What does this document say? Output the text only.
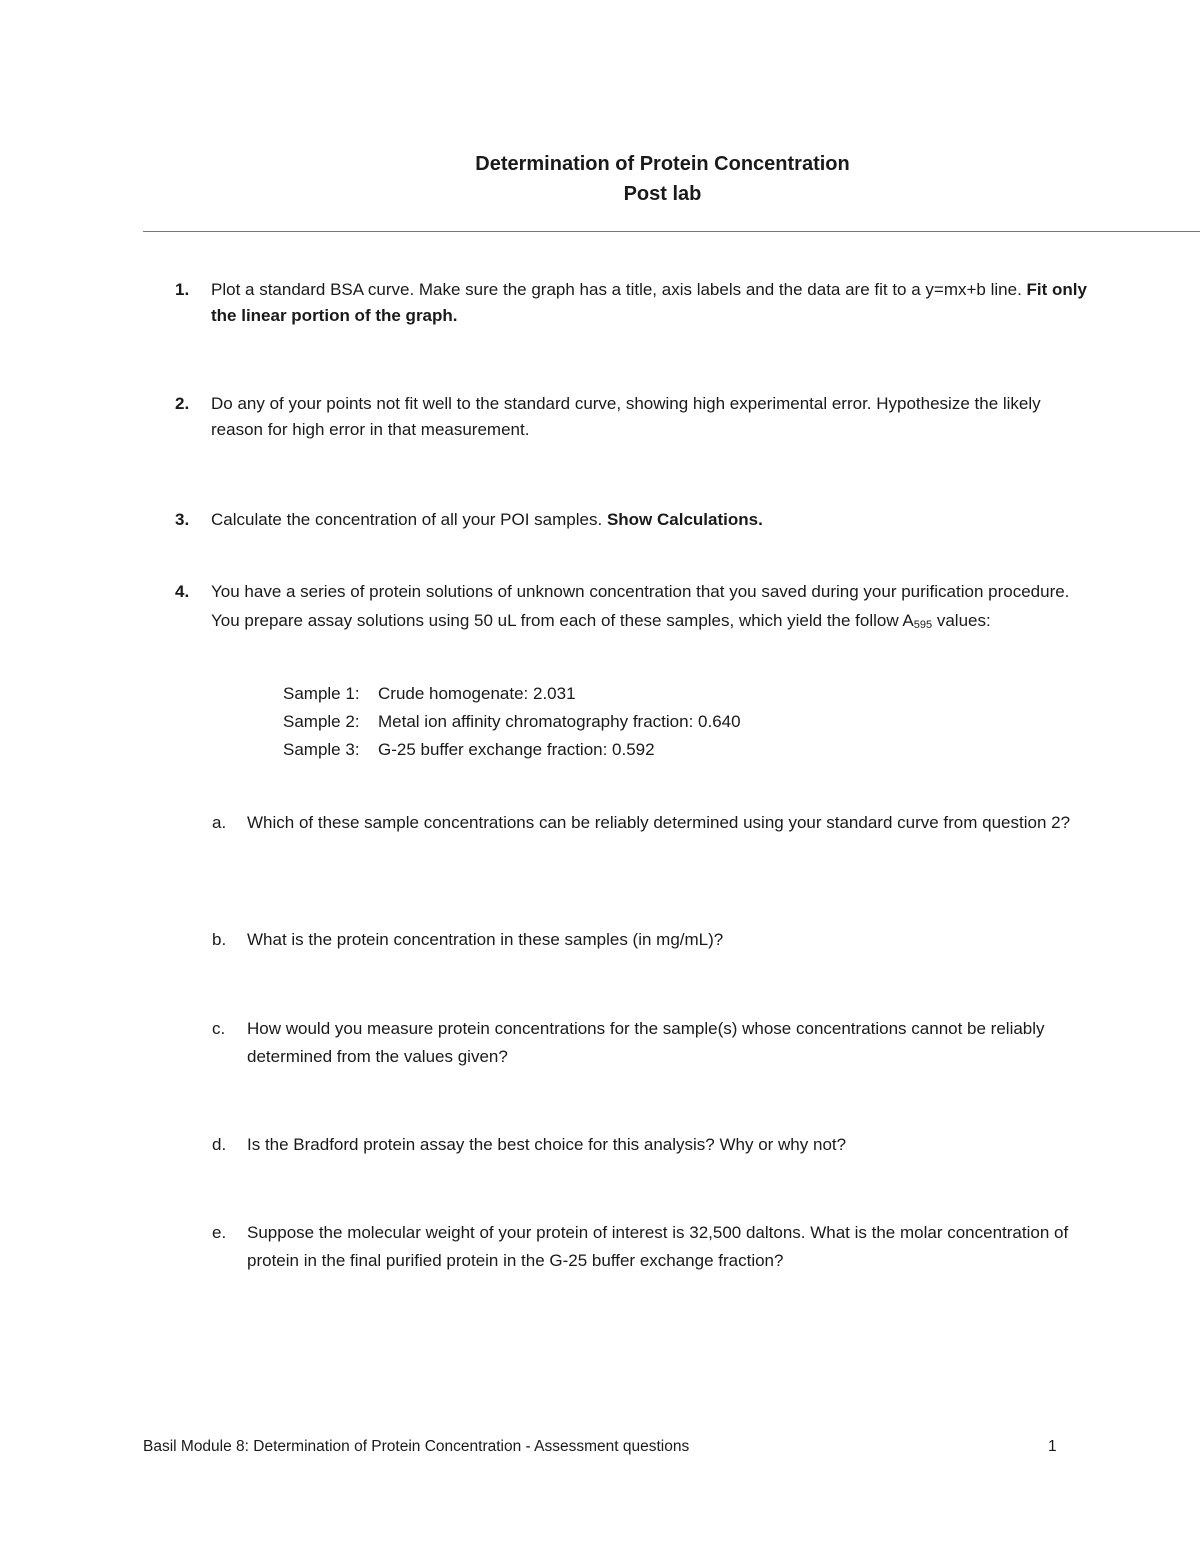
Determination of Protein Concentration
Post lab
1. Plot a standard BSA curve. Make sure the graph has a title, axis labels and the data are fit to a y=mx+b line. Fit only the linear portion of the graph.
2. Do any of your points not fit well to the standard curve, showing high experimental error. Hypothesize the likely reason for high error in that measurement.
3. Calculate the concentration of all your POI samples. Show Calculations.
4. You have a series of protein solutions of unknown concentration that you saved during your purification procedure. You prepare assay solutions using 50 uL from each of these samples, which yield the follow $A_{595}$ values:
Sample 1: Crude homogenate: 2.031
Sample 2: Metal ion affinity chromatography fraction: 0.640
Sample 3: G-25 buffer exchange fraction: 0.592
a. Which of these sample concentrations can be reliably determined using your standard curve from question 2?
b. What is the protein concentration in these samples (in mg/mL)?
c. How would you measure protein concentrations for the sample(s) whose concentrations cannot be reliably determined from the values given?
d. Is the Bradford protein assay the best choice for this analysis? Why or why not?
e. Suppose the molecular weight of your protein of interest is 32,500 daltons. What is the molar concentration of protein in the final purified protein in the G-25 buffer exchange fraction?
Basil Module 8: Determination of Protein Concentration - Assessment questions	1
